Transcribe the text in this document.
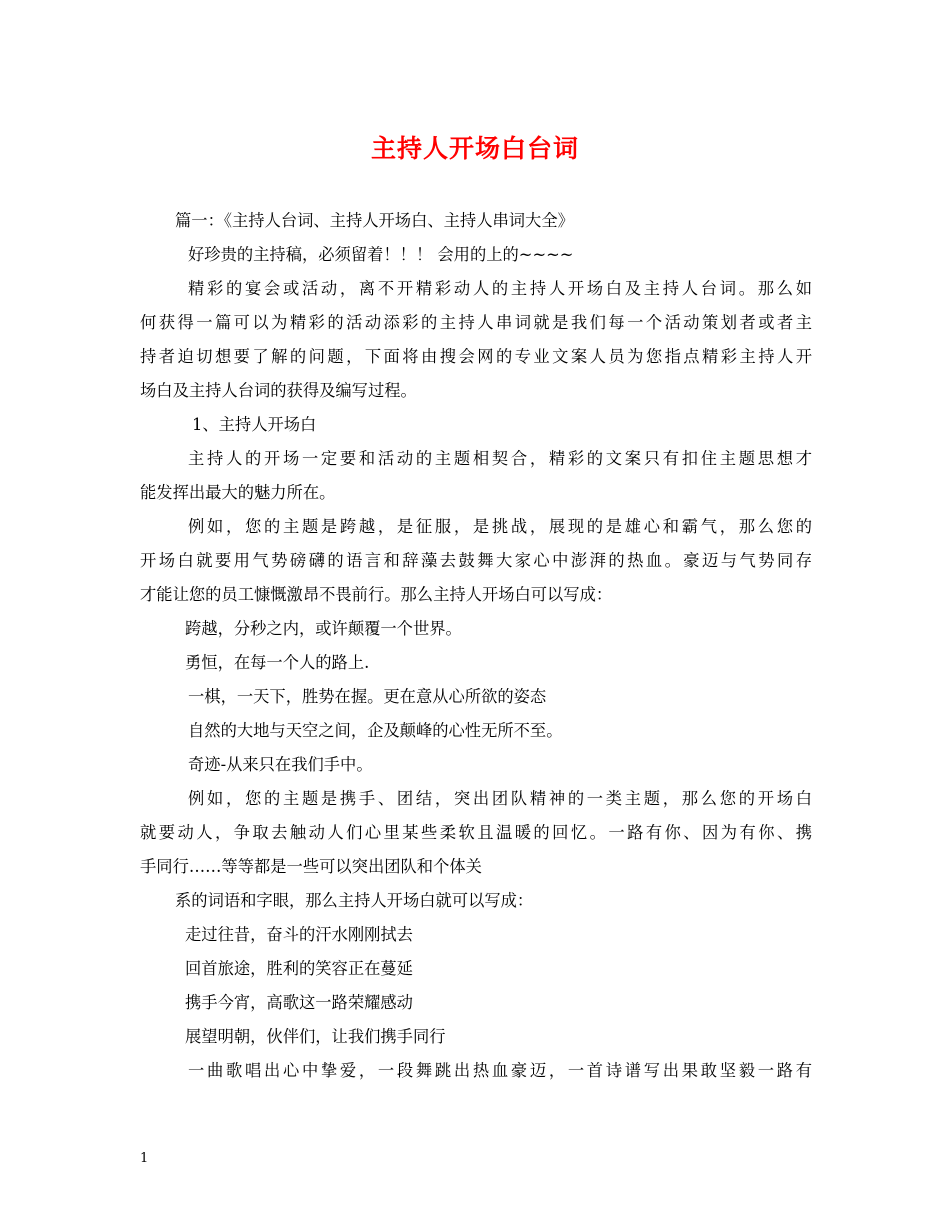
主持人开场白台词
篇一：《主持人台词、主持人开场白、主持人串词大全》
好珍贵的主持稿，必须留着！！！ 会用的上的~~~~
精彩的宴会或活动，离不开精彩动人的主持人开场白及主持人台词。那么如
何获得一篇可以为精彩的活动添彩的主持人串词就是我们每一个活动策划者或者主
持者迫切想要了解的问题，下面将由搜会网的专业文案人员为您指点精彩主持人开
场白及主持人台词的获得及编写过程。
1、主持人开场白
主持人的开场一定要和活动的主题相契合，精彩的文案只有扣住主题思想才
能发挥出最大的魅力所在。
例如，您的主题是跨越，是征服，是挑战，展现的是雄心和霸气，那么您的
开场白就要用气势磅礴的语言和辞藻去鼓舞大家心中澎湃的热血。豪迈与气势同存
才能让您的员工慷慨激昂不畏前行。那么主持人开场白可以写成：
跨越，分秒之内，或许颠覆一个世界。
勇恒，在每一个人的路上.
一棋，一天下，胜势在握。更在意从心所欲的姿态
自然的大地与天空之间，企及颠峰的心性无所不至。
奇迹-从来只在我们手中。
例如，您的主题是携手、团结，突出团队精神的一类主题，那么您的开场白
就要动人，争取去触动人们心里某些柔软且温暖的回忆。一路有你、因为有你、携
手同行……等等都是一些可以突出团队和个体关
系的词语和字眼，那么主持人开场白就可以写成：
走过往昔，奋斗的汗水刚刚拭去
回首旅途，胜利的笑容正在蔓延
携手今宵，高歌这一路荣耀感动
展望明朝，伙伴们，让我们携手同行
一曲歌唱出心中挚爱，一段舞跳出热血豪迈，一首诗谱写出果敢坚毅一路有
1
